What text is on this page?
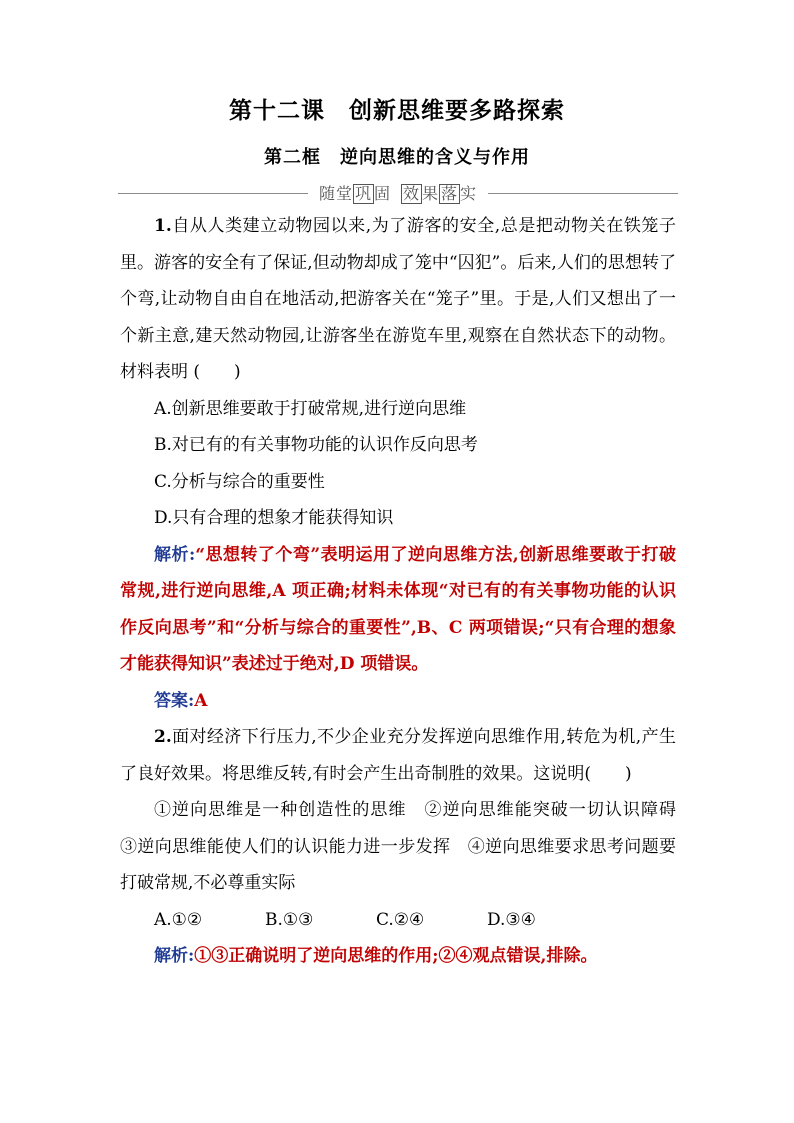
第十二课　创新思维要多路探索
第二框　逆向思维的含义与作用
随堂 巩 固 效 果 落 实

1.自从人类建立动物园以来,为了游客的安全,总是把动物关在铁笼子里。游客的安全有了保证,但动物却成了笼中“囚犯”。后来,人们的思想转了个弯,让动物自由自在地活动,把游客关在“笼子”里。于是,人们又想出了一个新主意,建天然动物园,让游客坐在游览车里,观察在自然状态下的动物。材料表明 (　　)

A.创新思维要敢于打破常规,进行逆向思维

B.对已有的有关事物功能的认识作反向思考

C.分析与综合的重要性

D.只有合理的想象才能获得知识

解析:“思想转了个弯”表明运用了逆向思维方法,创新思维要敢于打破常规,进行逆向思维,A 项正确;材料未体现“对已有的有关事物功能的认识作反向思考”和“分析与综合的重要性”,B、C 两项错误;“只有合理的想象才能获得知识”表述过于绝对,D 项错误。

答案:A

2.面对经济下行压力,不少企业充分发挥逆向思维作用,转危为机,产生了良好效果。将思维反转,有时会产生出奇制胜的效果。这说明(　　)

①逆向思维是一种创造性的思维　②逆向思维能突破一切认识障碍　③逆向思维能使人们的认识能力进一步发挥　④逆向思维要求思考问题要打破常规,不必尊重实际

A.①②	B.①③	C.②④	D.③④

解析:①③正确说明了逆向思维的作用;②④观点错误,排除。
